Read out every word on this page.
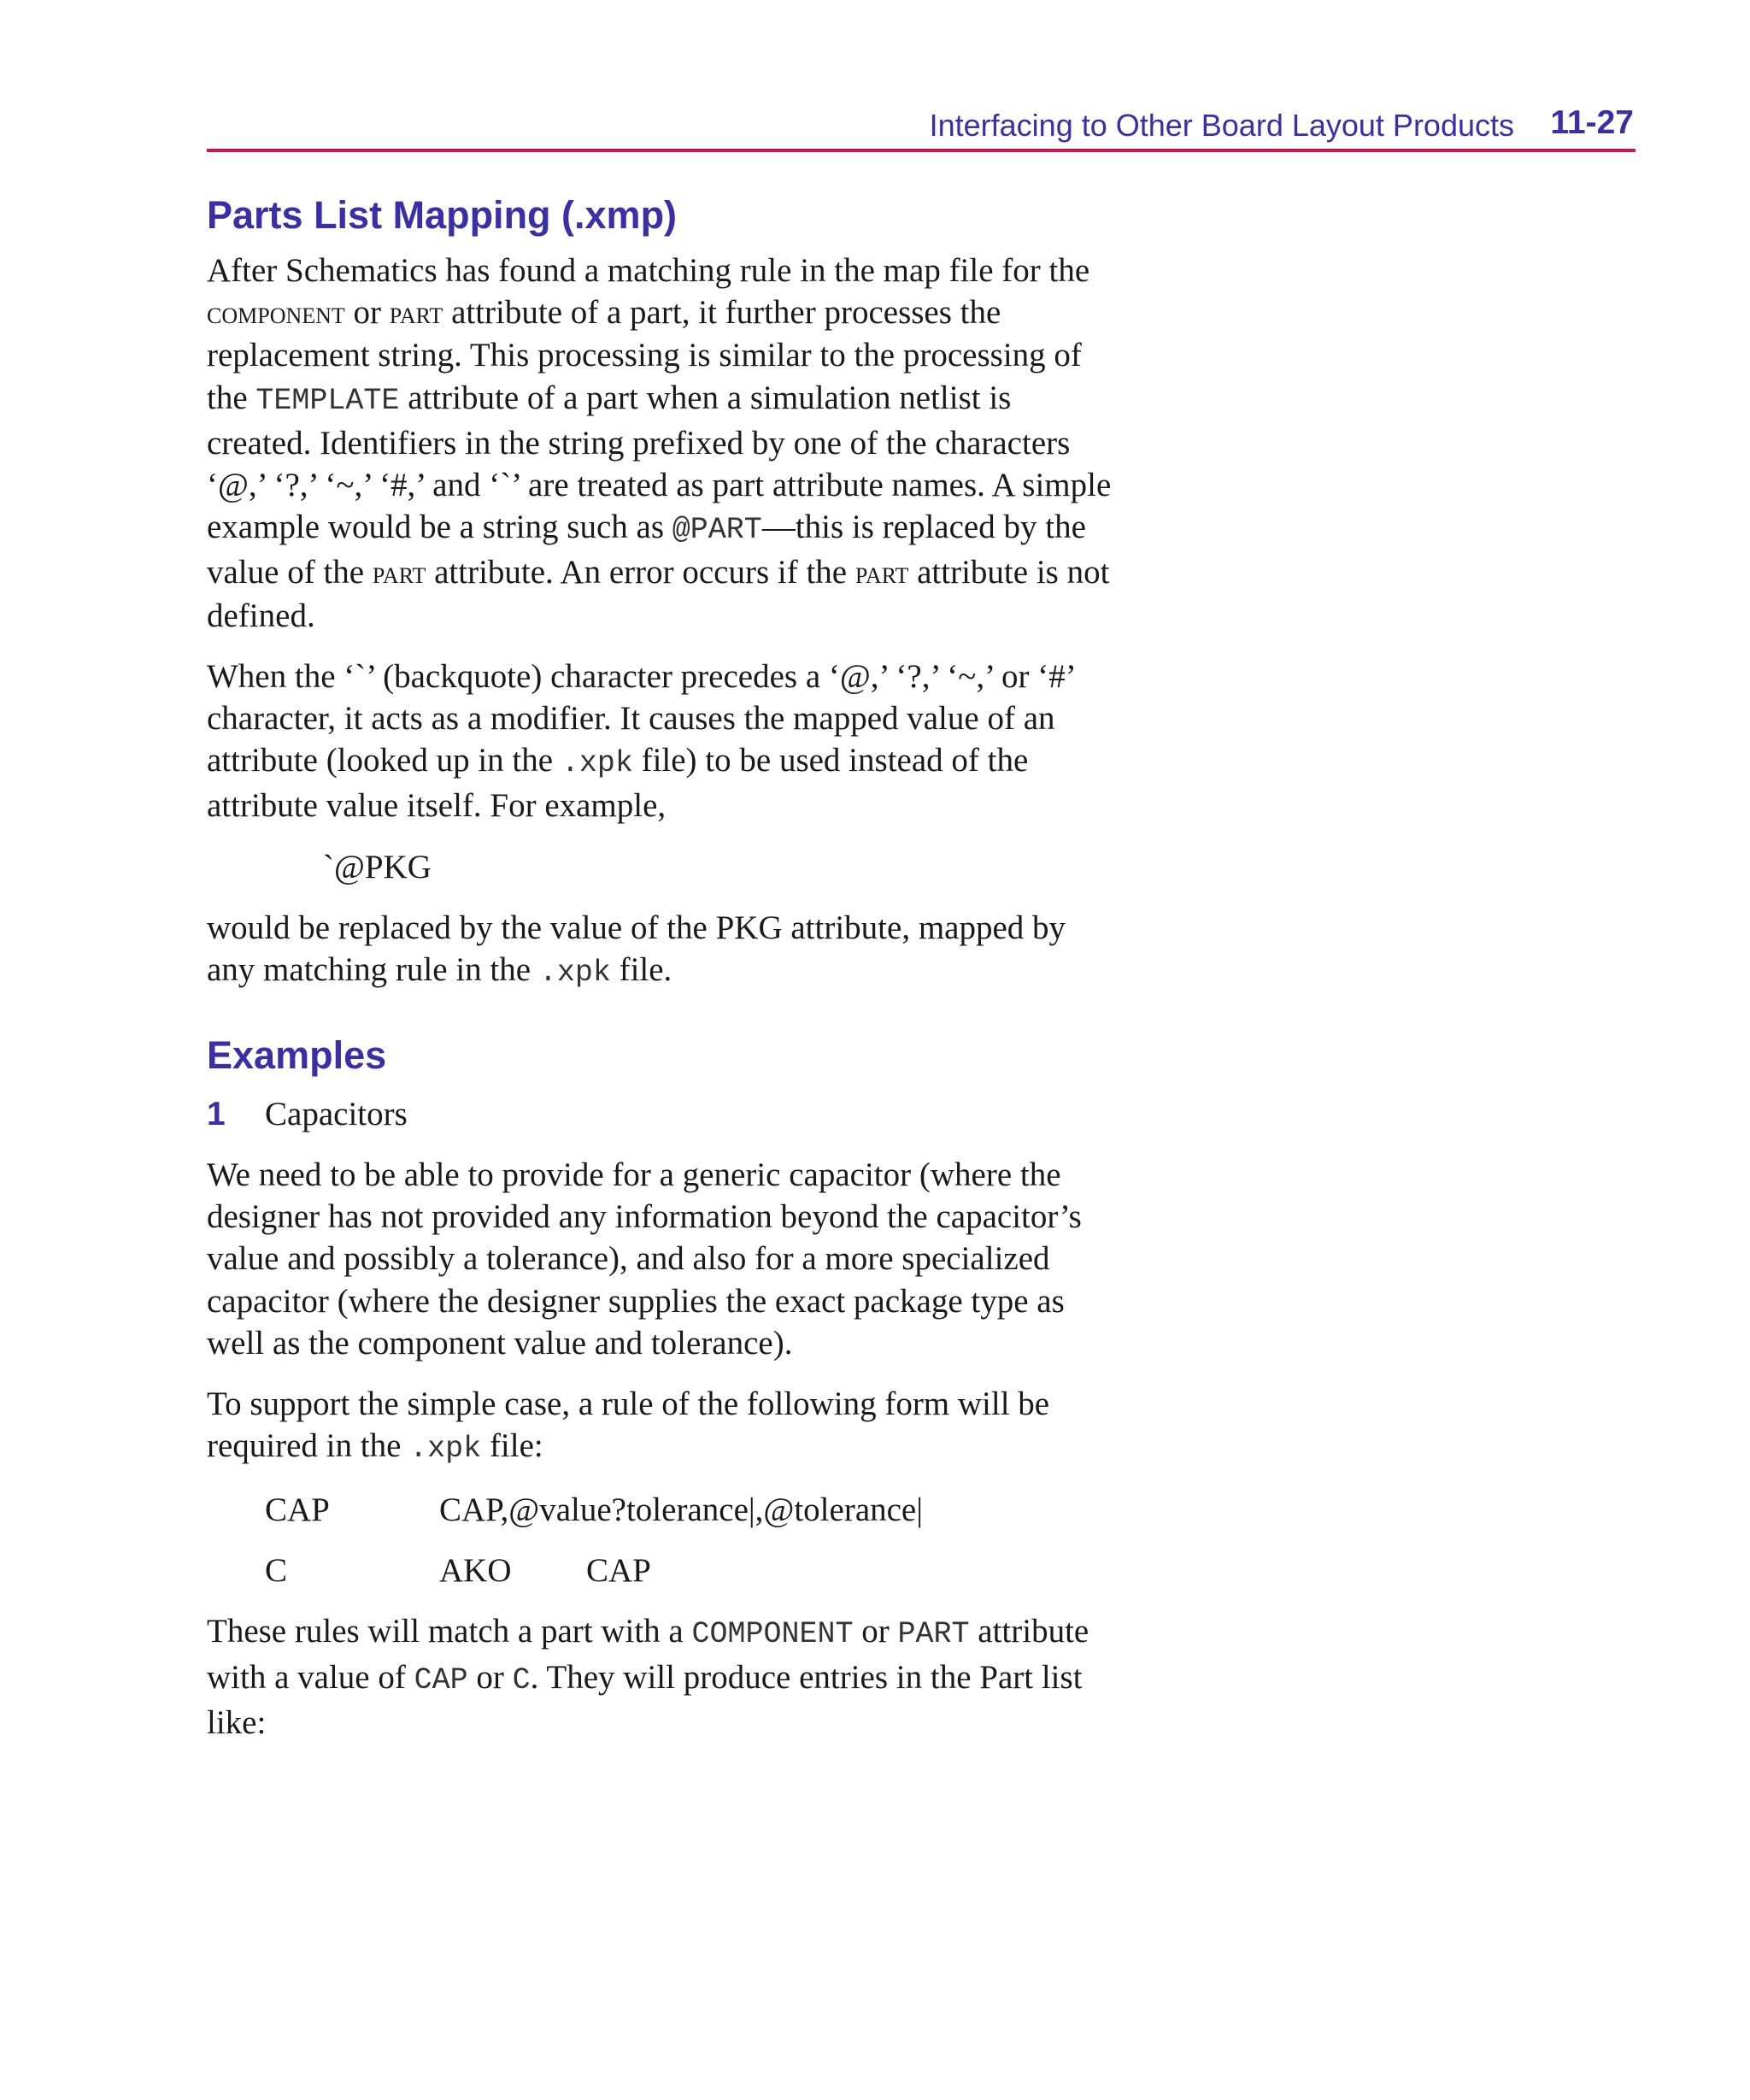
Interfacing to Other Board Layout Products 11-27
Parts List Mapping (.xmp)

After Schematics has found a matching rule in the map file for the component or part attribute of a part, it further processes the replacement string. This processing is similar to the processing of the TEMPLATE attribute of a part when a simulation netlist is created. Identifiers in the string prefixed by one of the characters ‘@,’ ‘?,’ ‘~,’ ‘#,’ and ‘`’ are treated as part attribute names. A simple example would be a string such as @PART—this is replaced by the value of the part attribute. An error occurs if the part attribute is not defined.

When the ‘`’ (backquote) character precedes a ‘@,’ ‘?,’ ‘~,’ or ‘#’ character, it acts as a modifier. It causes the mapped value of an attribute (looked up in the .xpk file) to be used instead of the attribute value itself. For example,

`@PKG

would be replaced by the value of the PKG attribute, mapped by any matching rule in the .xpk file.

Examples
1 Capacitors

We need to be able to provide for a generic capacitor (where the designer has not provided any information beyond the capacitor’s value and possibly a tolerance), and also for a more specialized capacitor (where the designer supplies the exact package type as well as the component value and tolerance).

To support the simple case, a rule of the following form will be required in the .xpk file:

CAP	CAP,@value?tolerance|,@tolerance|
C	AKO	CAP

These rules will match a part with a COMPONENT or PART attribute with a value of CAP or C. They will produce entries in the Part list like:
